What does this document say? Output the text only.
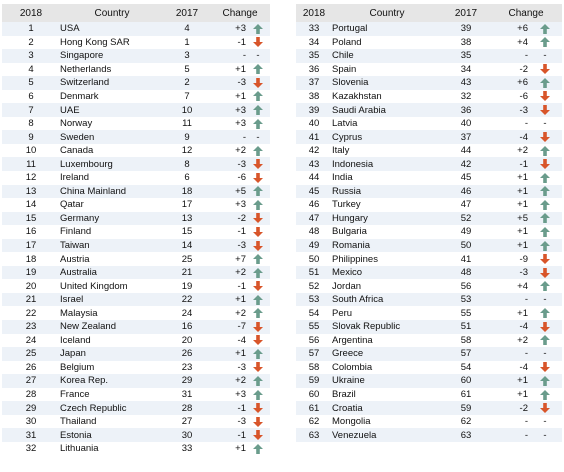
2018	Country	2017	Change	
1	USA	4	+3	

2	Hong Kong SAR	1	-1	

3	Singapore	3	-	-
4	Netherlands	5	+1	

5	Switzerland	2	-3	

6	Denmark	7	+1	

7	UAE	10	+3	

8	Norway	11	+3	

9	Sweden	9	-	-
10	Canada	12	+2	

11	Luxembourg	8	-3	

12	Ireland	6	-6	

13	China Mainland	18	+5	

14	Qatar	17	+3	

15	Germany	13	-2	

16	Finland	15	-1	

17	Taiwan	14	-3	

18	Austria	25	+7	

19	Australia	21	+2	

20	United Kingdom	19	-1	

21	Israel	22	+1	

22	Malaysia	24	+2	

23	New Zealand	16	-7	

24	Iceland	20	-4	

25	Japan	26	+1	

26	Belgium	23	-3	

27	Korea Rep.	29	+2	

28	France	31	+3	

29	Czech Republic	28	-1	

30	Thailand	27	-3	

31	Estonia	30	-1	

32	Lithuania	33	+1	
2018	Country	2017	Change	
33	Portugal	39	+6	

34	Poland	38	+4	

35	Chile	35	-	-
36	Spain	34	-2	

37	Slovenia	43	+6	

38	Kazakhstan	32	-6	

39	Saudi Arabia	36	-3	

40	Latvia	40	-	-
41	Cyprus	37	-4	

42	Italy	44	+2	

43	Indonesia	42	-1	

44	India	45	+1	

45	Russia	46	+1	

46	Turkey	47	+1	

47	Hungary	52	+5	

48	Bulgaria	49	+1	

49	Romania	50	+1	

50	Philippines	41	-9	

51	Mexico	48	-3	

52	Jordan	56	+4	

53	South Africa	53	-	-
54	Peru	55	+1	

55	Slovak Republic	51	-4	

56	Argentina	58	+2	

57	Greece	57	-	-
58	Colombia	54	-4	

59	Ukraine	60	+1	

60	Brazil	61	+1	

61	Croatia	59	-2	

62	Mongolia	62	-	-
63	Venezuela	63	-	-
